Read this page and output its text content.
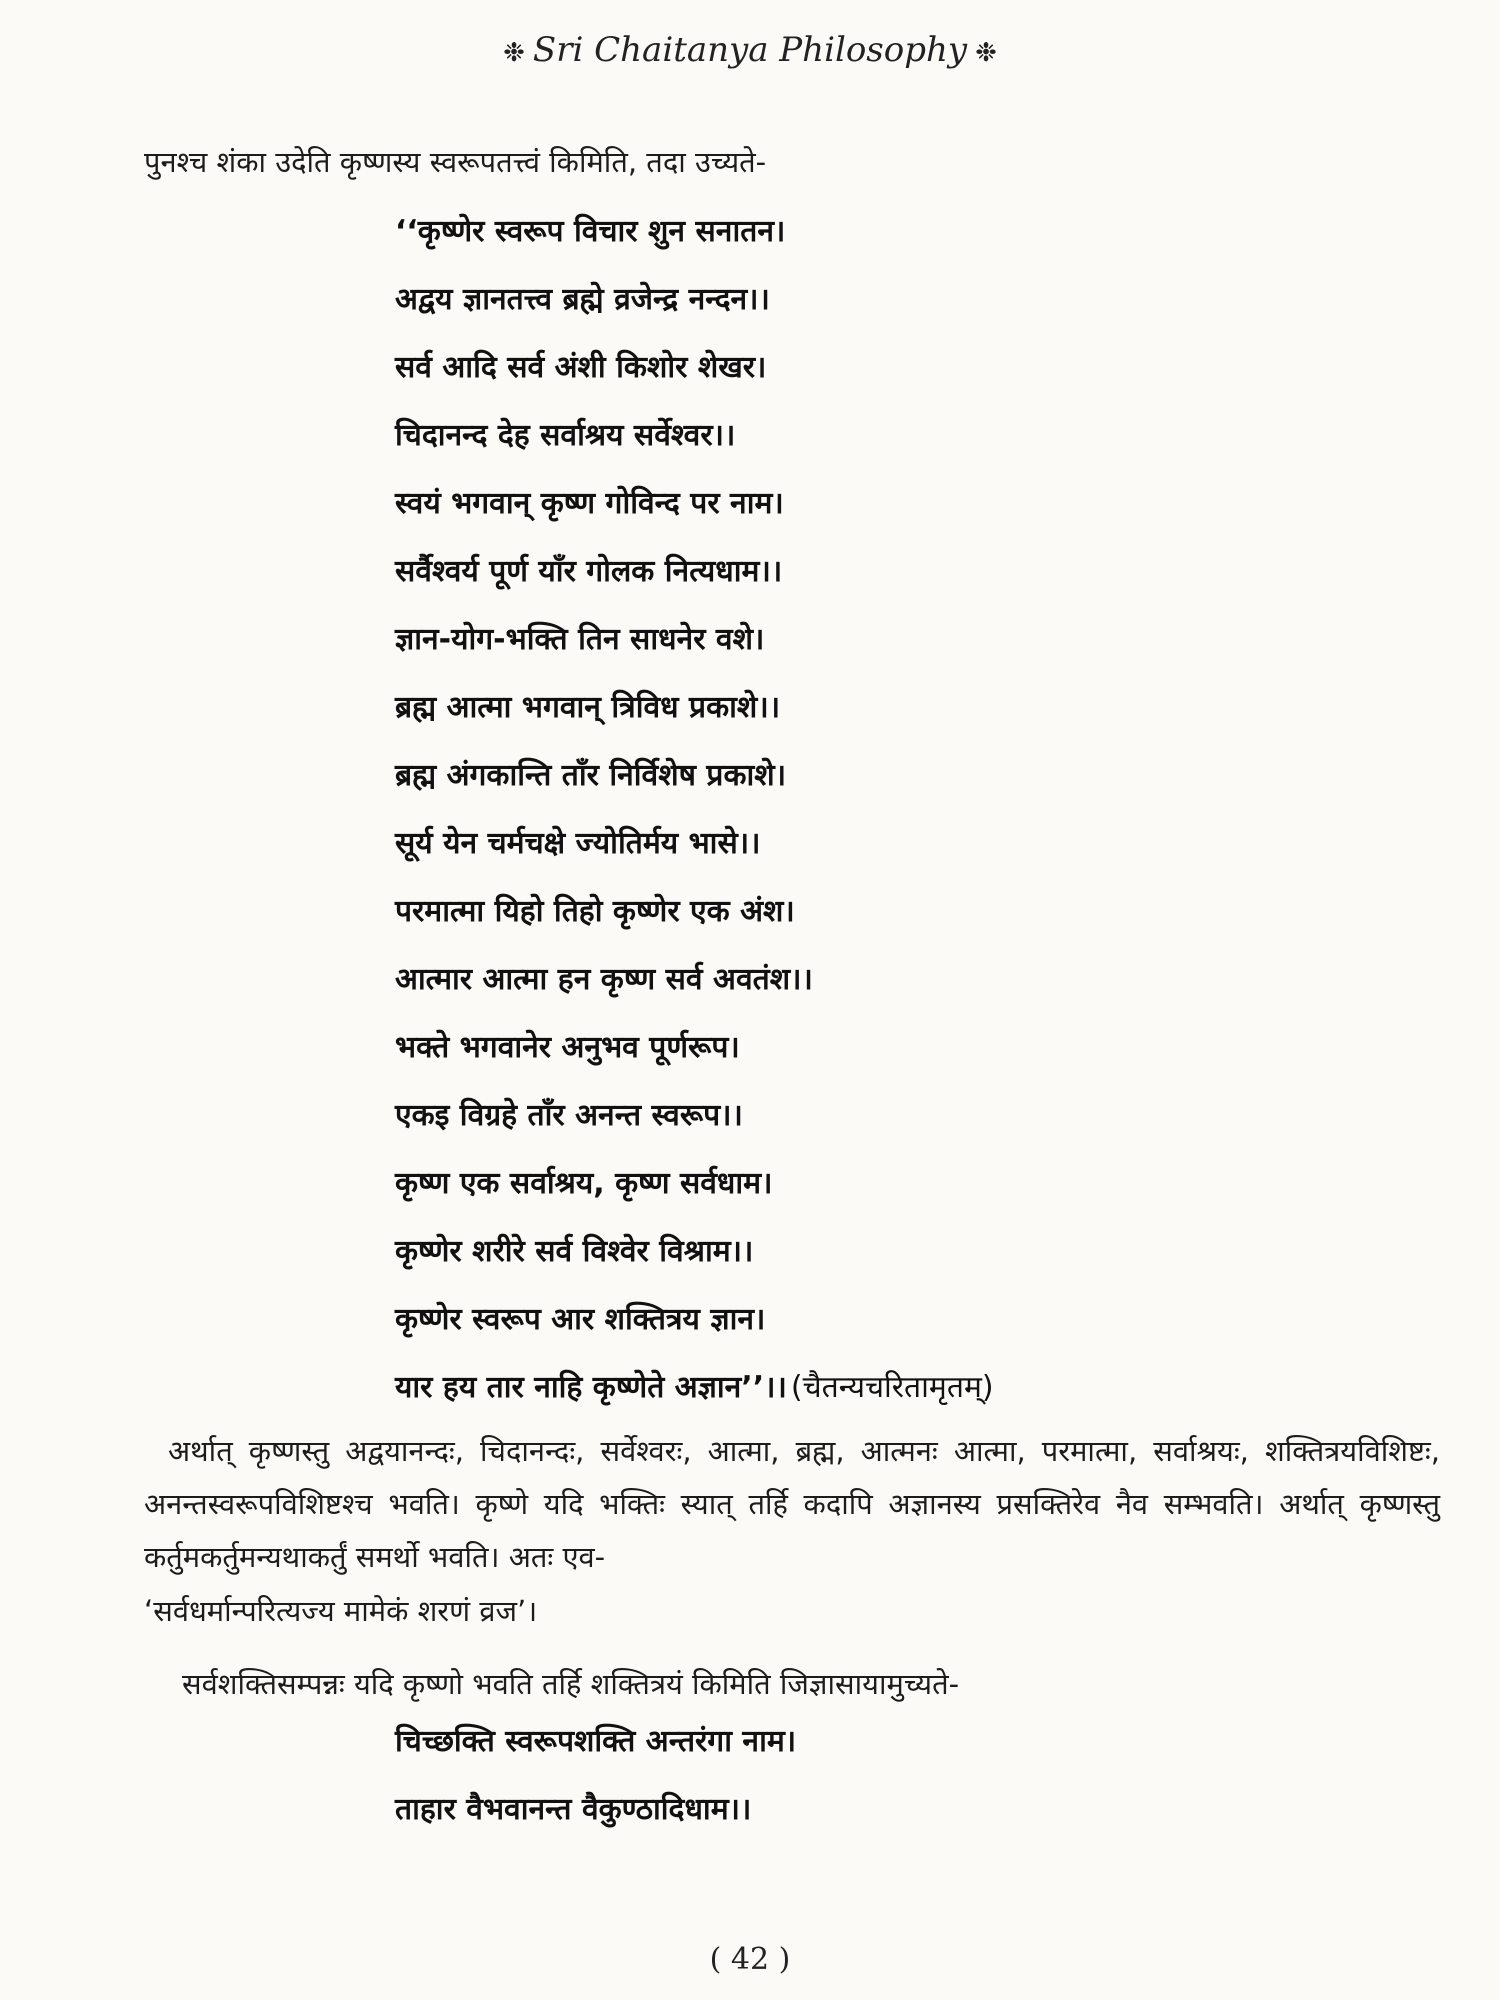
❉ Sri Chaitanya Philosophy ❉
पुनश्च शंका उदेति कृष्णस्य स्वरूपतत्त्वं किमिति, तदा उच्यते-
‘‘कृष्णेर स्वरूप विचार शुन सनातन।
अद्वय ज्ञानतत्त्व ब्रह्मे व्रजेन्द्र नन्दन।।
सर्व आदि सर्व अंशी किशोर शेखर।
चिदानन्द देह सर्वाश्रय सर्वेश्वर।।
स्वयं भगवान् कृष्ण गोविन्द पर नाम।
सर्वैश्वर्य पूर्ण याँर गोलक नित्यधाम।।
ज्ञान-योग-भक्ति तिन साधनेर वशे।
ब्रह्म आत्मा भगवान् त्रिविध प्रकाशे।।
ब्रह्म अंगकान्ति ताँर निर्विशेष प्रकाशे।
सूर्य येन चर्मचक्षे ज्योतिर्मय भासे।।
परमात्मा यिहो तिहो कृष्णेर एक अंश।
आत्मार आत्मा हन कृष्ण सर्व अवतंश।।
भक्ते भगवानेर अनुभव पूर्णरूप।
एकइ विग्रहे ताँर अनन्त स्वरूप।।
कृष्ण एक सर्वाश्रय, कृष्ण सर्वधाम।
कृष्णेर शरीरे सर्व विश्वेर विश्राम।।
कृष्णेर स्वरूप आर शक्तित्रय ज्ञान।
यार हय तार नाहि कृष्णेते अज्ञान’’।। (चैतन्यचरितामृतम्)
अर्थात् कृष्णस्तु अद्वयानन्दः, चिदानन्दः, सर्वेश्वरः, आत्मा, ब्रह्म, आत्मनः आत्मा, परमात्मा, सर्वाश्रयः, शक्तित्रयविशिष्टः, अनन्तस्वरूपविशिष्टश्च भवति। कृष्णे यदि भक्तिः स्यात् तर्हि कदापि अज्ञानस्य प्रसक्तिरेव नैव सम्भवति। अर्थात् कृष्णस्तु कर्तुमकर्तुमन्यथाकर्तुं समर्थो भवति। अतः एव-
‘सर्वधर्मान्परित्यज्य मामेकं शरणं व्रज’।
सर्वशक्तिसम्पन्नः यदि कृष्णो भवति तर्हि शक्तित्रयं किमिति जिज्ञासायामुच्यते-
चिच्छक्ति स्वरूपशक्ति अन्तरंगा नाम।
ताहार वैभवानन्त वैकुण्ठादिधाम।।
( 42 )
